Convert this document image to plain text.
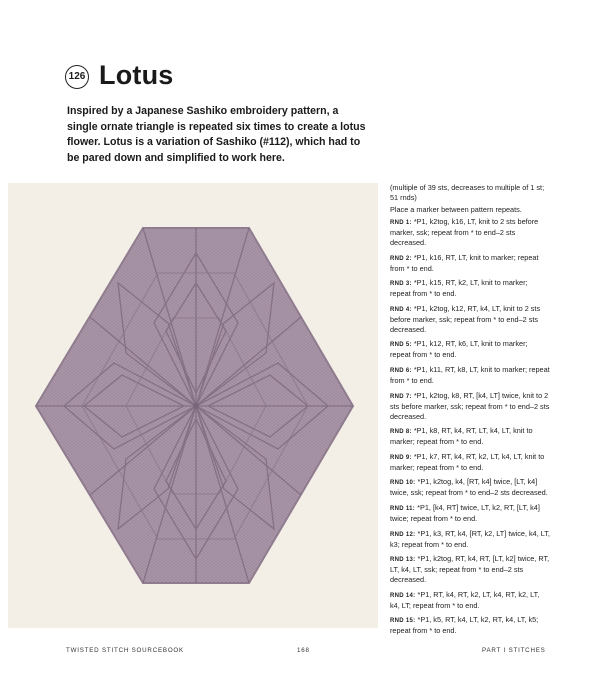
126 Lotus
Inspired by a Japanese Sashiko embroidery pattern, a single ornate triangle is repeated six times to create a lotus flower. Lotus is a variation of Sashiko (#112), which had to be pared down and simplified to work here.

(multiple of 39 sts, decreases to multiple of 1 st; 51 rnds)

Place a marker between pattern repeats.

RND 1: *P1, k2tog, k16, LT, knit to 2 sts before marker, ssk; repeat from * to end–2 sts decreased.

RND 2: *P1, k16, RT, LT, knit to marker; repeat from * to end.

RND 3: *P1, k15, RT, k2, LT, knit to marker; repeat from * to end.

RND 4: *P1, k2tog, k12, RT, k4, LT, knit to 2 sts before marker, ssk; repeat from * to end–2 sts decreased.

RND 5: *P1, k12, RT, k6, LT, knit to marker; repeat from * to end.

RND 6: *P1, k11, RT, k8, LT, knit to marker; repeat from * to end.

RND 7: *P1, k2tog, k8, RT, [k4, LT] twice, knit to 2 sts before marker, ssk; repeat from * to end–2 sts decreased.

RND 8: *P1, k8, RT, k4, RT, LT, k4, LT, knit to marker; repeat from * to end.

RND 9: *P1, k7, RT, k4, RT, k2, LT, k4, LT, knit to marker; repeat from * to end.

RND 10: *P1, k2tog, k4, [RT, k4] twice, [LT, k4] twice, ssk; repeat from * to end–2 sts decreased.

RND 11: *P1, [k4, RT] twice, LT, k2, RT, [LT, k4] twice; repeat from * to end.

RND 12: *P1, k3, RT, k4, [RT, k2, LT] twice, k4, LT, k3; repeat from * to end.

RND 13: *P1, k2tog, RT, k4, RT, [LT, k2] twice, RT, LT, k4, LT, ssk; repeat from * to end–2 sts decreased.

RND 14: *P1, RT, k4, RT, k2, LT, k4, RT, k2, LT, k4, LT; repeat from * to end.

RND 15: *P1, k5, RT, k4, LT, k2, RT, k4, LT, k5; repeat from * to end.

TWISTED STITCH SOURCEBOOK	168	PART I STITCHES
